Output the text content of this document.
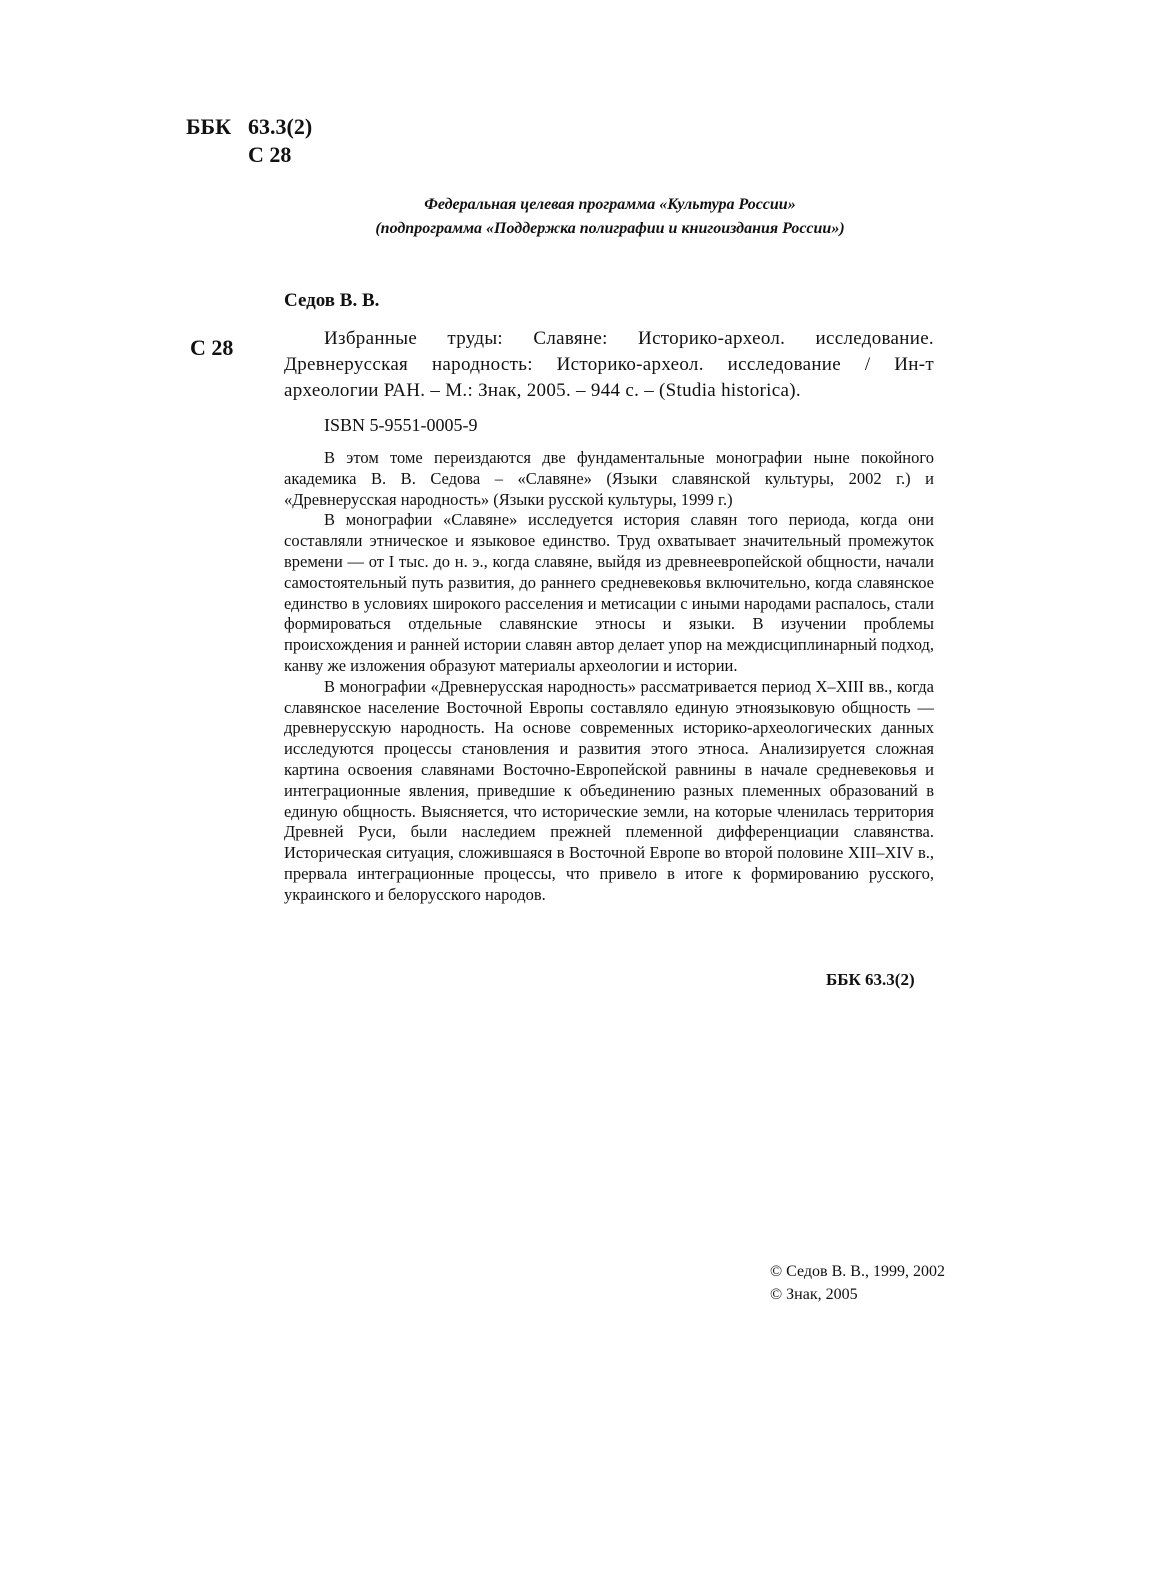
ББК 63.3(2)
С 28
Федеральная целевая программа «Культура России»
(подпрограмма «Поддержка полиграфии и книгоиздания России»)
Седов В. В.
С 28	Избранные труды: Славяне: Историко-археол. исследование. Древнерусская народность: Историко-археол. исследование / Ин-т археологии РАН. – М.: Знак, 2005. – 944 с. – (Studia historica).
ISBN 5-9551-0005-9

В этом томе переиздаются две фундаментальные монографии ныне покойного академика В. В. Седова – «Славяне» (Языки славянской культуры, 2002 г.) и «Древнерусская народность» (Языки русской культуры, 1999 г.)

В монографии «Славяне» исследуется история славян того периода, когда они составляли этническое и языковое единство. Труд охватывает значительный промежуток времени — от I тыс. до н. э., когда славяне, выйдя из древнеевропейской общности, начали самостоятельный путь развития, до раннего средневековья включительно, когда славянское единство в условиях широкого расселения и метисации с иными народами распалось, стали формироваться отдельные славянские этносы и языки. В изучении проблемы происхождения и ранней истории славян автор делает упор на междисциплинарный подход, канву же изложения образуют материалы археологии и истории.

В монографии «Древнерусская народность» рассматривается период X–XIII вв., когда славянское население Восточной Европы составляло единую этноязыковую общность — древнерусскую народность. На основе современных историко-археологических данных исследуются процессы становления и развития этого этноса. Анализируется сложная картина освоения славянами Восточно-Европейской равнины в начале средневековья и интеграционные явления, приведшие к объединению разных племенных образований в единую общность. Выясняется, что исторические земли, на которые членилась территория Древней Руси, были наследием прежней племенной дифференциации славянства. Историческая ситуация, сложившаяся в Восточной Европе во второй половине XIII–XIV в., прервала интеграционные процессы, что привело в итоге к формированию русского, украинского и белорусского народов.

ББК 63.3(2)
© Седов В. В., 1999, 2002
© Знак, 2005
